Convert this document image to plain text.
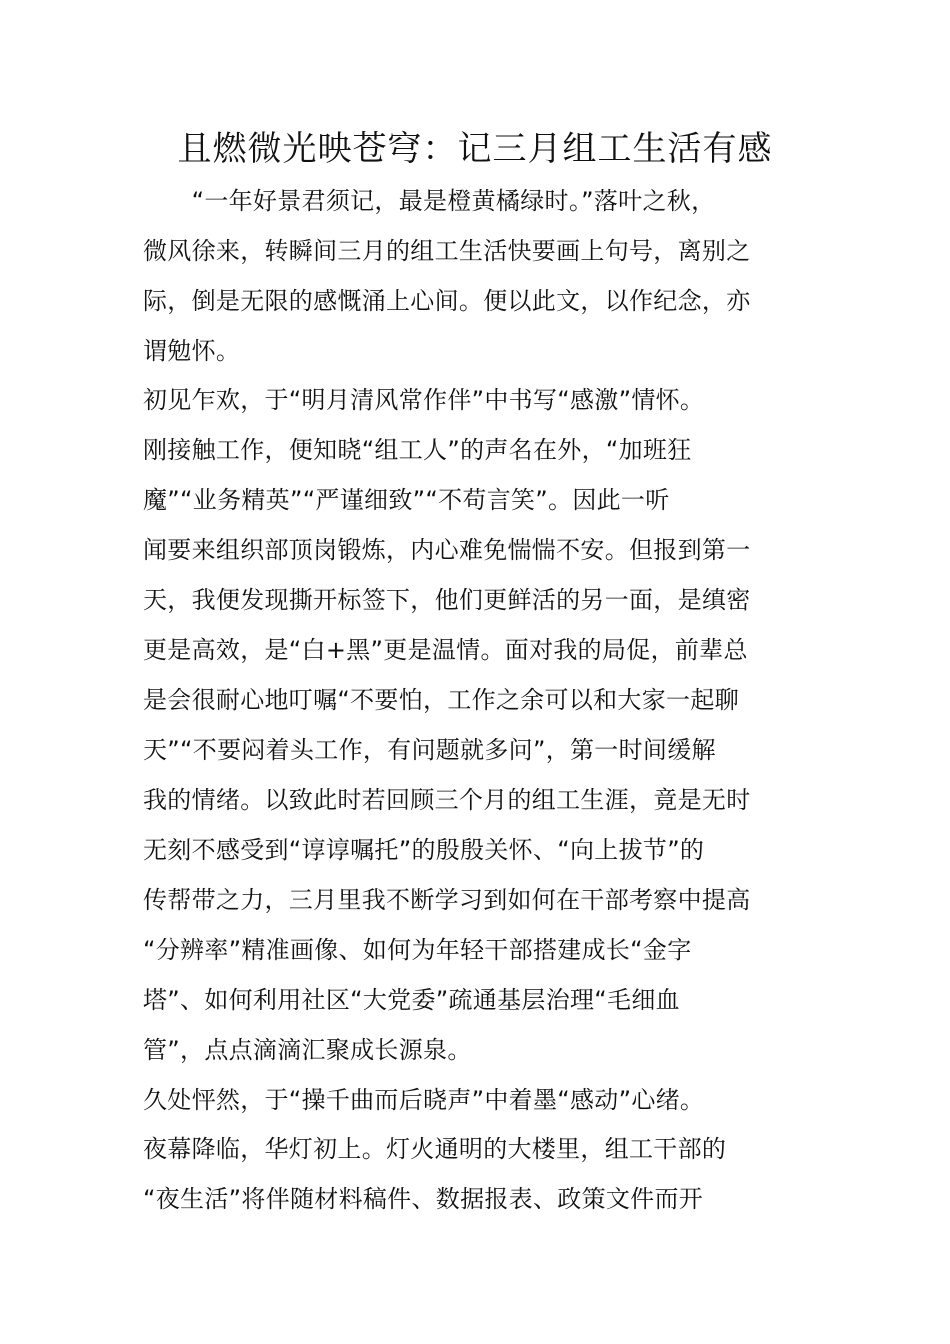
且燃微光映苍穹：记三月组工生活有感
　　“一年好景君须记，最是橙黄橘绿时。”落叶之秋，
微风徐来，转瞬间三月的组工生活快要画上句号，离别之
际，倒是无限的感慨涌上心间。便以此文，以作纪念，亦
谓勉怀。
初见乍欢，于“明月清风常作伴”中书写“感激”情怀。
刚接触工作，便知晓“组工人”的声名在外，“加班狂
魔”“业务精英”“严谨细致”“不苟言笑”。因此一听
闻要来组织部顶岗锻炼，内心难免惴惴不安。但报到第一
天，我便发现撕开标签下，他们更鲜活的另一面，是缜密
更是高效，是“白+黑”更是温情。面对我的局促，前辈总
是会很耐心地叮嘱“不要怕，工作之余可以和大家一起聊
天”“不要闷着头工作，有问题就多问”，第一时间缓解
我的情绪。以致此时若回顾三个月的组工生涯，竟是无时
无刻不感受到“谆谆嘱托”的殷殷关怀、“向上拔节”的
传帮带之力，三月里我不断学习到如何在干部考察中提高
“分辨率”精准画像、如何为年轻干部搭建成长“金字
塔”、如何利用社区“大党委”疏通基层治理“毛细血
管”，点点滴滴汇聚成长源泉。
久处怦然，于“操千曲而后晓声”中着墨“感动”心绪。
夜幕降临，华灯初上。灯火通明的大楼里，组工干部的
“夜生活”将伴随材料稿件、数据报表、政策文件而开
